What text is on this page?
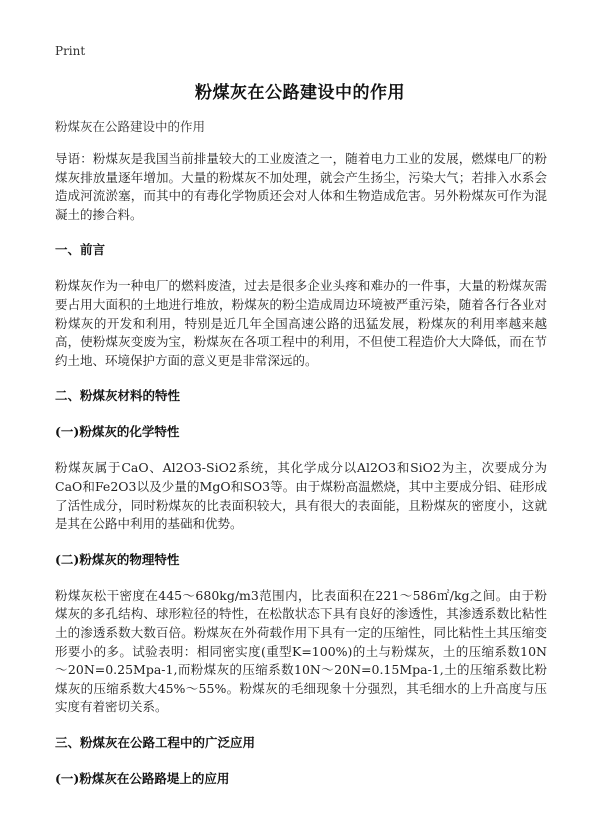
Print
粉煤灰在公路建设中的作用
粉煤灰在公路建设中的作用

导语：粉煤灰是我国当前排量较大的工业废渣之一，随着电力工业的发展，燃煤电厂的粉煤灰排放量逐年增加。大量的粉煤灰不加处理，就会产生扬尘，污染大气；若排入水系会造成河流淤塞，而其中的有毒化学物质还会对人体和生物造成危害。另外粉煤灰可作为混凝土的掺合料。

一、前言

粉煤灰作为一种电厂的燃料废渣，过去是很多企业头疼和难办的一件事，大量的粉煤灰需要占用大面积的土地进行堆放，粉煤灰的粉尘造成周边环境被严重污染，随着各行各业对粉煤灰的开发和利用，特别是近几年全国高速公路的迅猛发展，粉煤灰的利用率越来越高，使粉煤灰变废为宝，粉煤灰在各项工程中的利用，不但使工程造价大大降低，而在节约土地、环境保护方面的意义更是非常深远的。

二、粉煤灰材料的特性
(一)粉煤灰的化学特性

粉煤灰属于CaO、Al2O3-SiO2系统，其化学成分以Al2O3和SiO2为主，次要成分为CaO和Fe2O3以及少量的MgO和SO3等。由于煤粉高温燃烧，其中主要成分铝、硅形成了活性成分，同时粉煤灰的比表面积较大，具有很大的表面能，且粉煤灰的密度小，这就是其在公路中利用的基础和优势。

(二)粉煤灰的物理特性

粉煤灰松干密度在445～680kg/m3范围内，比表面积在221～586㎡/kg之间。由于粉煤灰的多孔结构、球形粒径的特性，在松散状态下具有良好的渗透性，其渗透系数比粘性土的渗透系数大数百倍。粉煤灰在外荷载作用下具有一定的压缩性，同比粘性土其压缩变形要小的多。试验表明：相同密实度(重型K=100%)的土与粉煤灰，土的压缩系数10N～20N=0.25Mpa-1,而粉煤灰的压缩系数10N～20N=0.15Mpa-1,土的压缩系数比粉煤灰的压缩系数大45%～55%。粉煤灰的毛细现象十分强烈，其毛细水的上升高度与压实度有着密切关系。

三、粉煤灰在公路工程中的广泛应用
(一)粉煤灰在公路路堤上的应用
